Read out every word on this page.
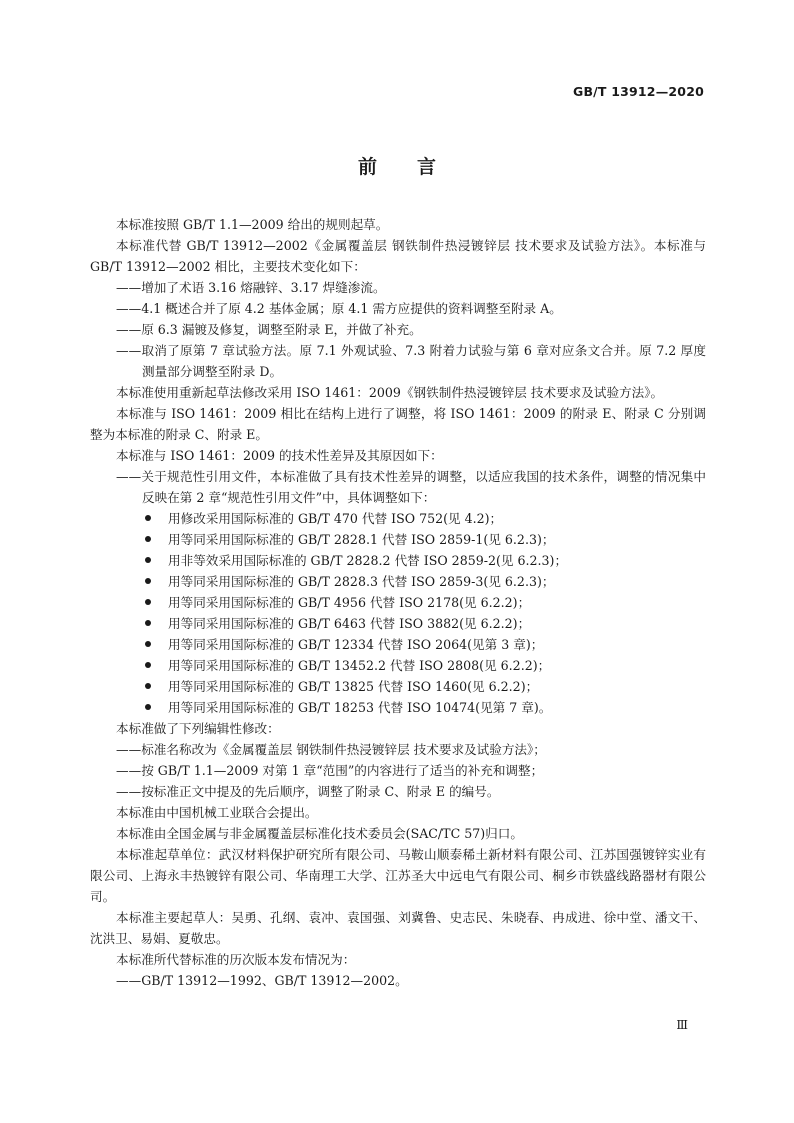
GB/T 13912—2020
前言

本标准按照 GB/T 1.1—2009 给出的规则起草。

本标准代替 GB/T 13912—2002《金属覆盖层 钢铁制件热浸镀锌层 技术要求及试验方法》。本标准与 GB/T 13912—2002 相比，主要技术变化如下：

——增加了术语 3.16 熔融锌、3.17 焊缝渗流。

——4.1 概述合并了原 4.2 基体金属；原 4.1 需方应提供的资料调整至附录 A。

——原 6.3 漏镀及修复，调整至附录 E，并做了补充。

——取消了原第 7 章试验方法。原 7.1 外观试验、7.3 附着力试验与第 6 章对应条文合并。原 7.2 厚度测量部分调整至附录 D。

本标准使用重新起草法修改采用 ISO 1461：2009《钢铁制件热浸镀锌层 技术要求及试验方法》。

本标准与 ISO 1461：2009 相比在结构上进行了调整，将 ISO 1461：2009 的附录 E、附录 C 分别调整为本标准的附录 C、附录 E。

本标准与 ISO 1461：2009 的技术性差异及其原因如下：

——关于规范性引用文件，本标准做了具有技术性差异的调整，以适应我国的技术条件，调整的情况集中反映在第 2 章“规范性引用文件”中，具体调整如下：

用修改采用国际标准的 GB/T 470 代替 ISO 752(见 4.2)；
用等同采用国际标准的 GB/T 2828.1 代替 ISO 2859-1(见 6.2.3)；
用非等效采用国际标准的 GB/T 2828.2 代替 ISO 2859-2(见 6.2.3)；
用等同采用国际标准的 GB/T 2828.3 代替 ISO 2859-3(见 6.2.3)；
用等同采用国际标准的 GB/T 4956 代替 ISO 2178(见 6.2.2)；
用等同采用国际标准的 GB/T 6463 代替 ISO 3882(见 6.2.2)；
用等同采用国际标准的 GB/T 12334 代替 ISO 2064(见第 3 章)；
用等同采用国际标准的 GB/T 13452.2 代替 ISO 2808(见 6.2.2)；
用等同采用国际标准的 GB/T 13825 代替 ISO 1460(见 6.2.2)；
用等同采用国际标准的 GB/T 18253 代替 ISO 10474(见第 7 章)。

本标准做了下列编辑性修改：

——标准名称改为《金属覆盖层 钢铁制件热浸镀锌层 技术要求及试验方法》；

——按 GB/T 1.1—2009 对第 1 章“范围”的内容进行了适当的补充和调整；

——按标准正文中提及的先后顺序，调整了附录 C、附录 E 的编号。

本标准由中国机械工业联合会提出。

本标准由全国金属与非金属覆盖层标准化技术委员会(SAC/TC 57)归口。

本标准起草单位：武汉材料保护研究所有限公司、马鞍山顺泰稀土新材料有限公司、江苏国强镀锌实业有限公司、上海永丰热镀锌有限公司、华南理工大学、江苏圣大中远电气有限公司、桐乡市铁盛线路器材有限公司。

本标准主要起草人：吴勇、孔纲、袁冲、袁国强、刘冀鲁、史志民、朱晓春、冉成进、徐中堂、潘文干、沈洪卫、易娟、夏敬忠。

本标准所代替标准的历次版本发布情况为：

——GB/T 13912—1992、GB/T 13912—2002。

Ⅲ
